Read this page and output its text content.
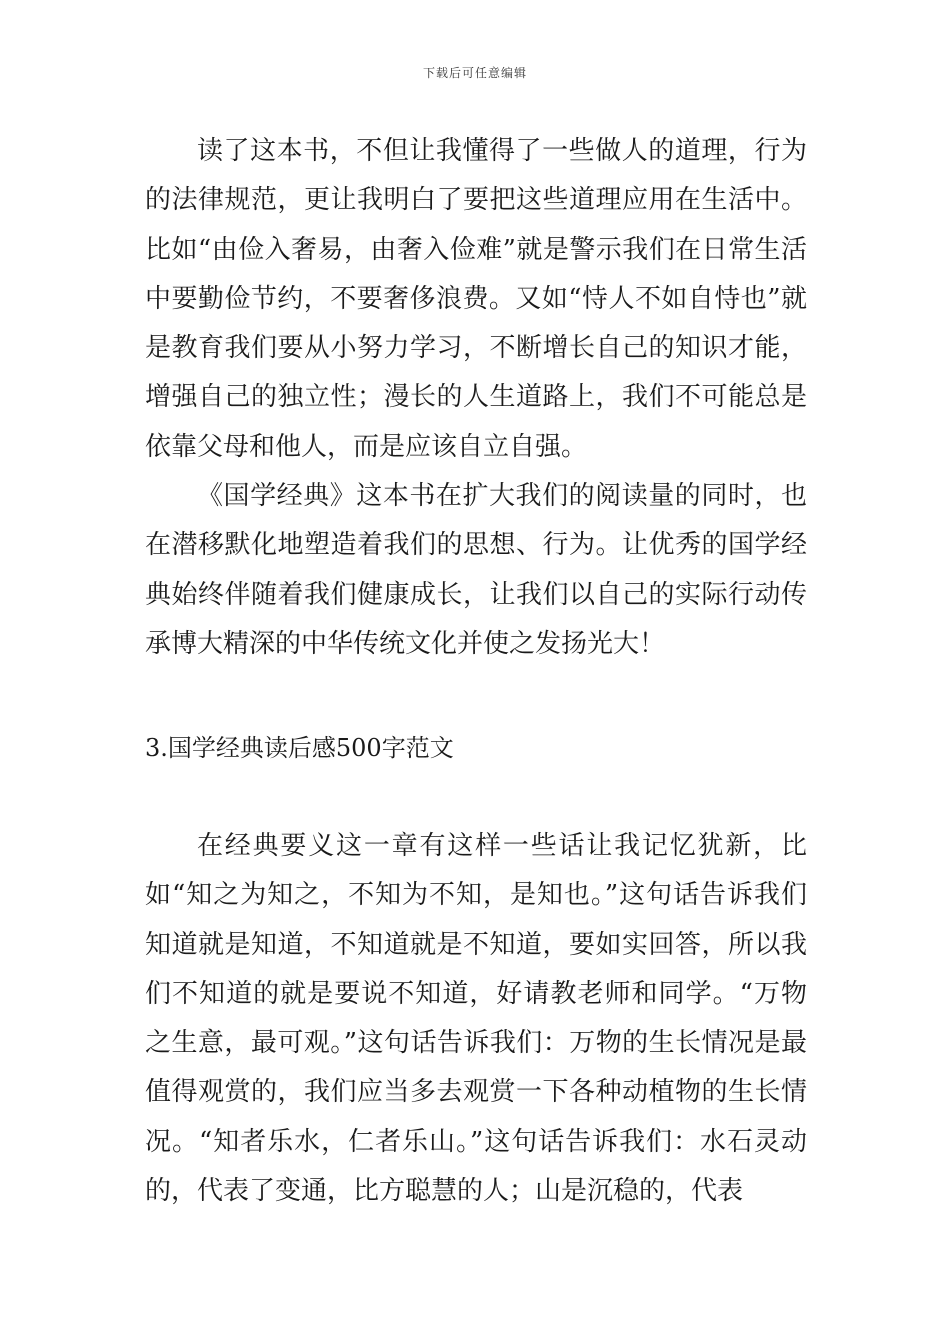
下载后可任意编辑

读了这本书，不但让我懂得了一些做人的道理，行为的法律规范，更让我明白了要把这些道理应用在生活中。比如“由俭入奢易，由奢入俭难”就是警示我们在日常生活中要勤俭节约，不要奢侈浪费。又如“恃人不如自恃也”就是教育我们要从小努力学习，不断增长自己的知识才能，增强自己的独立性；漫长的人生道路上，我们不可能总是依靠父母和他人，而是应该自立自强。

《国学经典》这本书在扩大我们的阅读量的同时，也在潜移默化地塑造着我们的思想、行为。让优秀的国学经典始终伴随着我们健康成长，让我们以自己的实际行动传承博大精深的中华传统文化并使之发扬光大！

3.国学经典读后感500字范文

在经典要义这一章有这样一些话让我记忆犹新，比如“知之为知之，不知为不知，是知也。”这句话告诉我们知道就是知道，不知道就是不知道，要如实回答，所以我们不知道的就是要说不知道，好请教老师和同学。“万物之生意，最可观。”这句话告诉我们：万物的生长情况是最值得观赏的，我们应当多去观赏一下各种动植物的生长情况。“知者乐水，仁者乐山。”这句话告诉我们：水石灵动的，代表了变通，比方聪慧的人；山是沉稳的，代表
